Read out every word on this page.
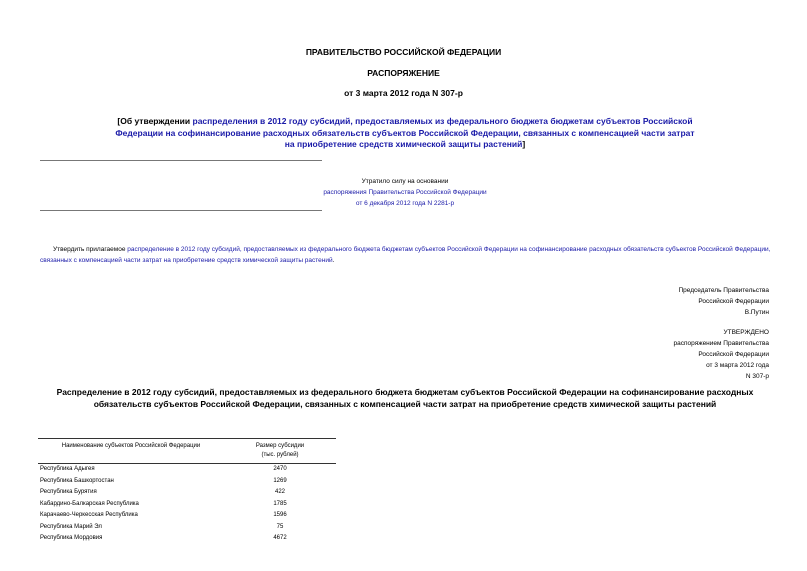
ПРАВИТЕЛЬСТВО РОССИЙСКОЙ ФЕДЕРАЦИИ
РАСПОРЯЖЕНИЕ
от 3 марта 2012 года N 307-р
[Об утверждении распределения в 2012 году субсидий, предоставляемых из федерального бюджета бюджетам субъектов Российской Федерации на софинансирование расходных обязательств субъектов Российской Федерации, связанных с компенсацией части затрат на приобретение средств химической защиты растений]
Утратило силу на основании
распоряжения Правительства Российской Федерации
от 6 декабря 2012 года N 2281-р
Утвердить прилагаемое распределение в 2012 году субсидий, предоставляемых из федерального бюджета бюджетам субъектов Российской Федерации на софинансирование расходных обязательств субъектов Российской Федерации, связанных с компенсацией части затрат на приобретение средств химической защиты растений.
Председатель Правительства
Российской Федерации
В.Путин
УТВЕРЖДЕНО
распоряжением Правительства
Российской Федерации
от 3 марта 2012 года
N 307-р
Распределение в 2012 году субсидий, предоставляемых из федерального бюджета бюджетам субъектов Российской Федерации на софинансирование расходных обязательств субъектов Российской Федерации, связанных с компенсацией части затрат на приобретение средств химической защиты растений
Наименование субъектов Российской Федерации	Размер субсидии
(тыс. рублей)

Республика Адыгея	2470
Республика Башкортостан	1269
Республика Бурятия	422
Кабардино-Балкарская Республика	1785
Карачаево-Черкесская Республика	1596
Республика Марий Эл	75
Республика Мордовия	4672
